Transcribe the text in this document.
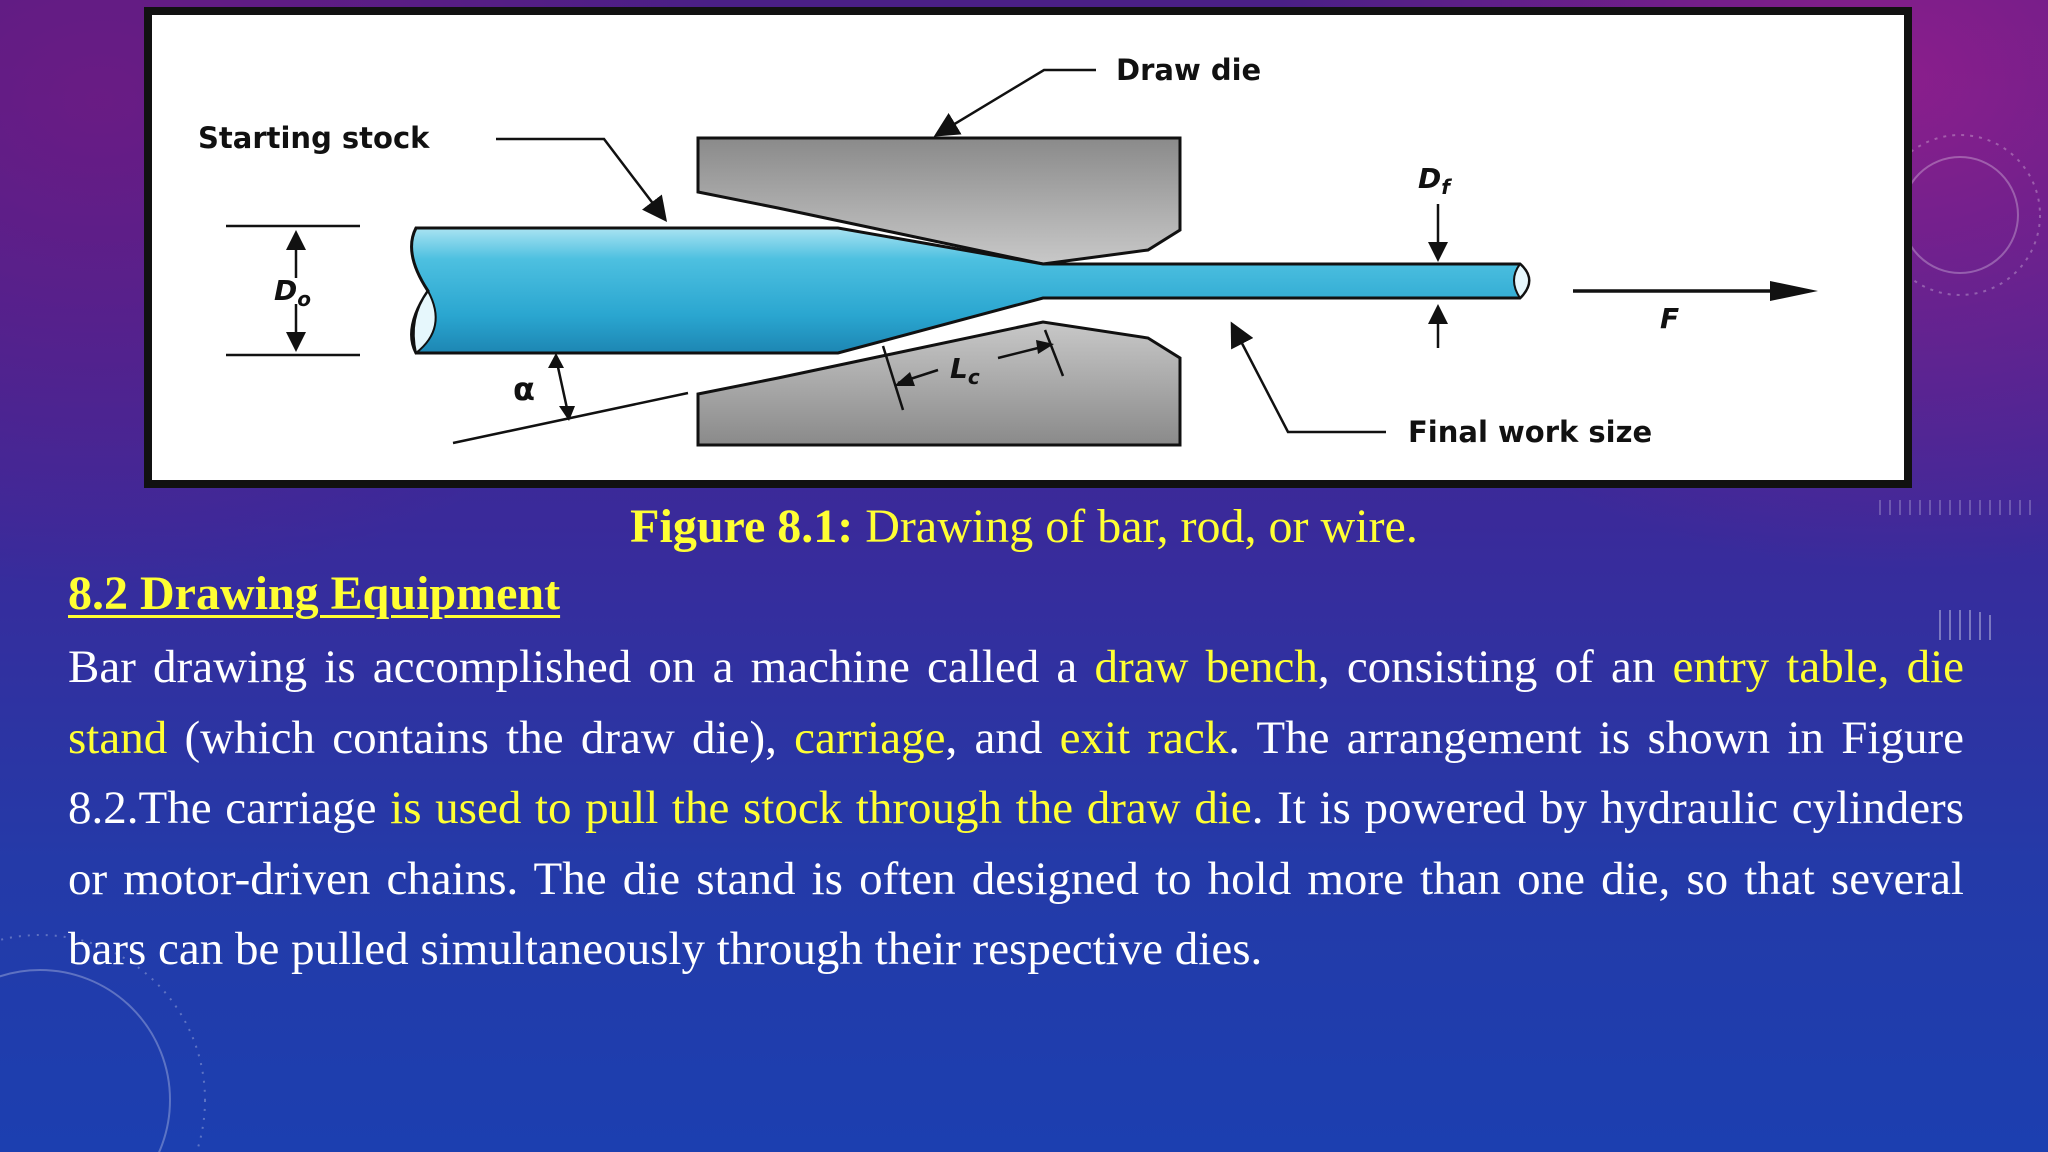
$D_o$
Starting stock
Draw die
$D_f$
F
α
$L_c$
Final work size
Figure 8.1: Drawing of bar, rod, or wire.
8.2 Drawing Equipment
Bar drawing is accomplished on a machine called a draw bench, consisting of an entry table, die stand (which contains the draw die), carriage, and exit rack. The arrangement is shown in Figure 8.2.The carriage is used to pull the stock through the draw die. It is powered by hydraulic cylinders or motor-driven chains. The die stand is often designed to hold more than one die, so that several bars can be pulled simultaneously through their respective dies.
